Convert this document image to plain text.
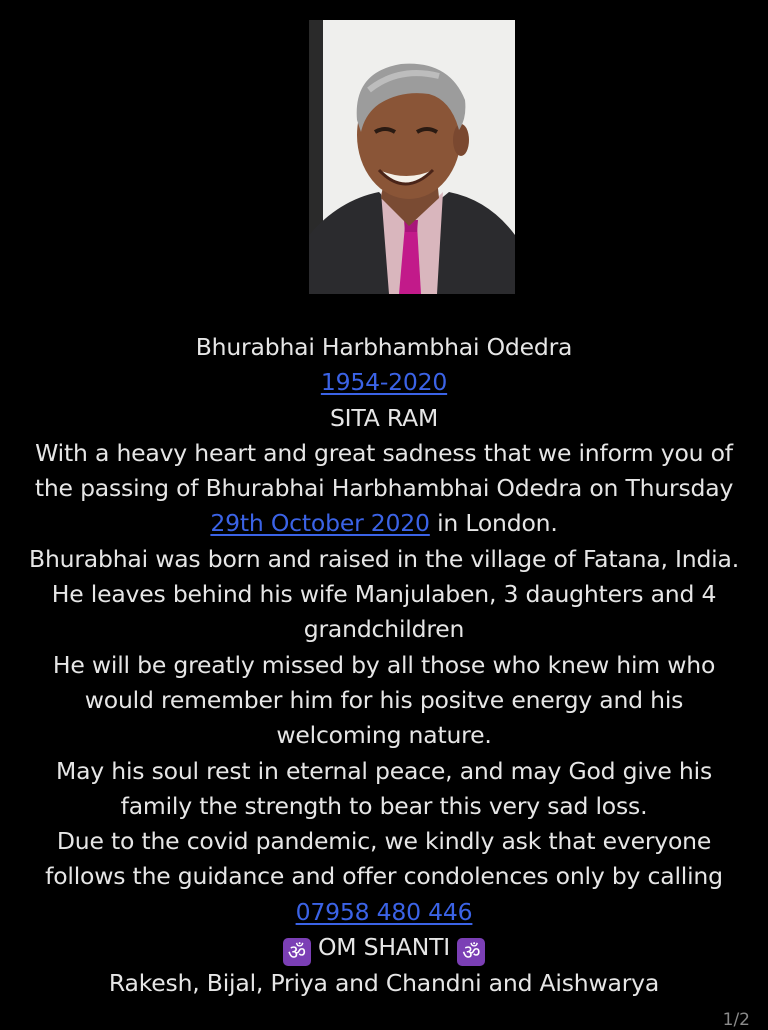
Bhurabhai Harbhambhai Odedra
1954-2020
SITA RAM
With a heavy heart and great sadness that we inform you of
the passing of Bhurabhai Harbhambhai Odedra on Thursday
29th October 2020 in London.
Bhurabhai was born and raised in the village of Fatana, India.
He leaves behind his wife Manjulaben, 3 daughters and 4 grandchildren
He will be greatly missed by all those who knew him who would remember him for his positve energy and his welcoming nature.
May his soul rest in eternal peace, and may God give his family the strength to bear this very sad loss.
Due to the covid pandemic, we kindly ask that everyone follows the guidance and offer condolences only by calling
07958 480 446
ॐ OM SHANTI ॐ
Rakesh, Bijal, Priya and Chandni and Aishwarya
1/2
